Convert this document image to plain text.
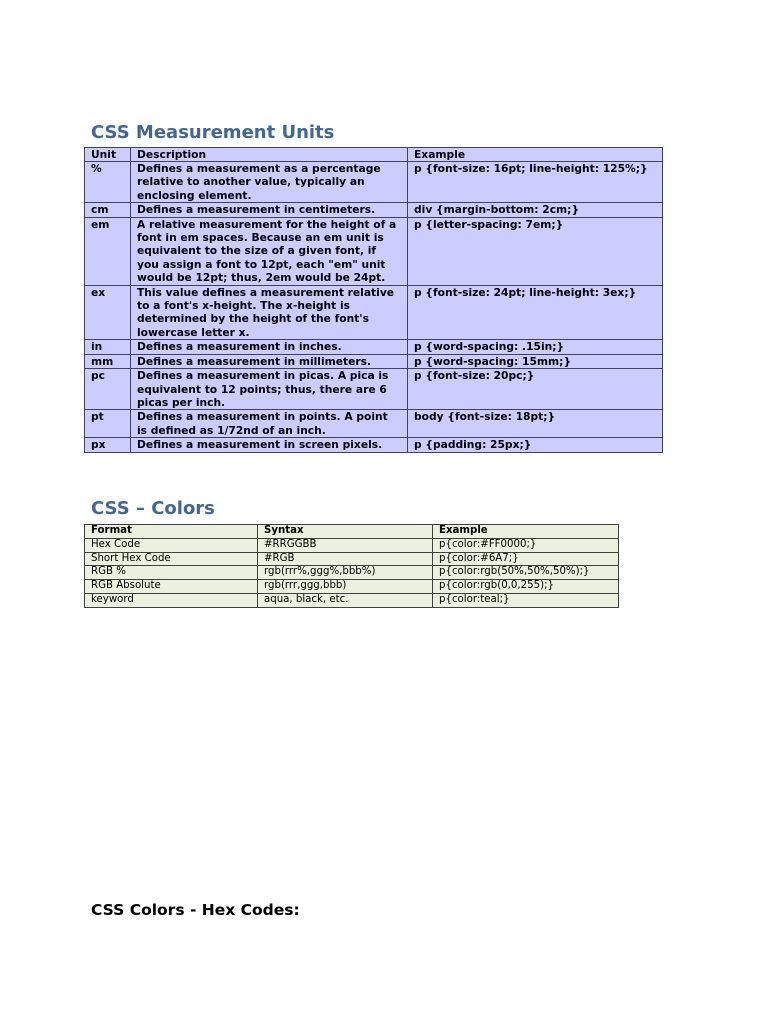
CSS Measurement Units
Unit	Description	Example
%	Defines a measurement as a percentage relative to another value, typically an enclosing element.	p {font-size: 16pt; line-height: 125%;}
cm	Defines a measurement in centimeters.	div {margin-bottom: 2cm;}
em	A relative measurement for the height of a font in em spaces. Because an em unit is equivalent to the size of a given font, if you assign a font to 12pt, each "em" unit would be 12pt; thus, 2em would be 24pt.	p {letter-spacing: 7em;}
ex	This value defines a measurement relative to a font's x-height. The x-height is determined by the height of the font's lowercase letter x.	p {font-size: 24pt; line-height: 3ex;}
in	Defines a measurement in inches.	p {word-spacing: .15in;}
mm	Defines a measurement in millimeters.	p {word-spacing: 15mm;}
pc	Defines a measurement in picas. A pica is equivalent to 12 points; thus, there are 6 picas per inch.	p {font-size: 20pc;}
pt	Defines a measurement in points. A point is defined as 1/72nd of an inch.	body {font-size: 18pt;}
px	Defines a measurement in screen pixels.	p {padding: 25px;}
CSS – Colors
Format	Syntax	Example
Hex Code	#RRGGBB	p{color:#FF0000;}
Short Hex Code	#RGB	p{color:#6A7;}
RGB %	rgb(rrr%,ggg%,bbb%)	p{color:rgb(50%,50%,50%);}
RGB Absolute	rgb(rrr,ggg,bbb)	p{color:rgb(0,0,255);}
keyword	aqua, black, etc.	p{color:teal;}
CSS Colors - Hex Codes:
